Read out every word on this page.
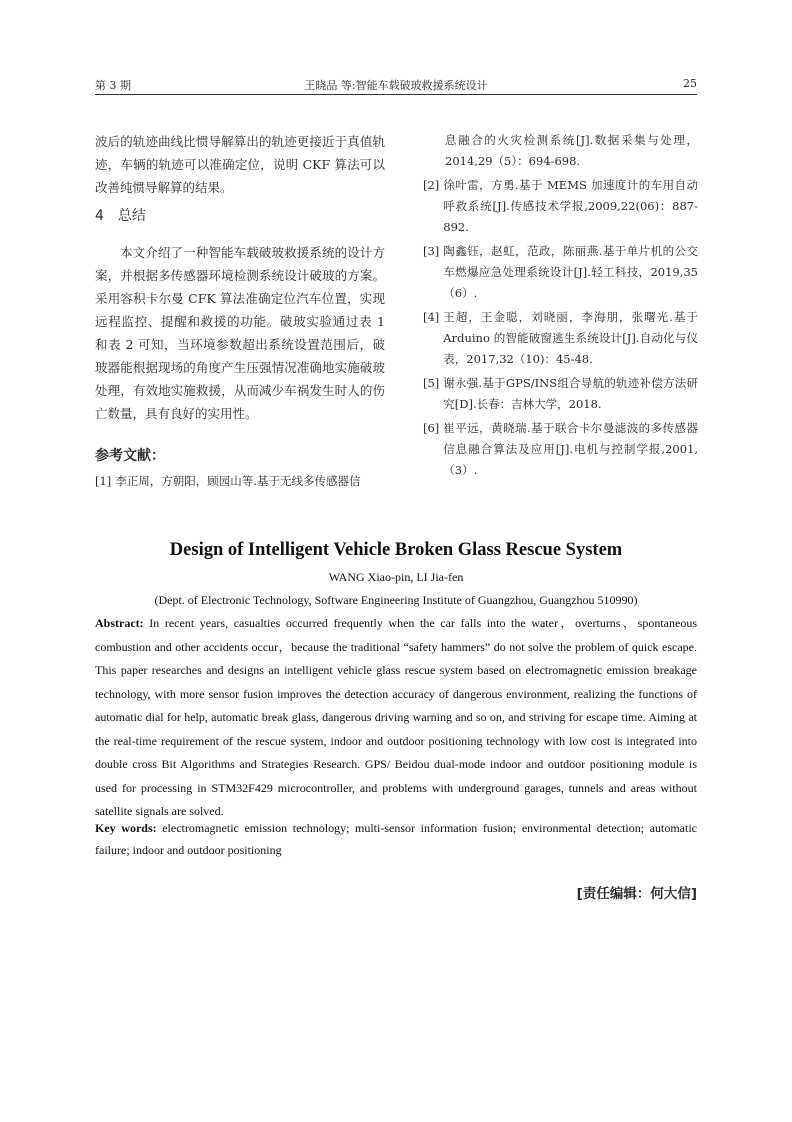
第 3 期	王晓品 等:智能车载破玻救援系统设计	25

波后的轨迹曲线比惯导解算出的轨迹更接近于真值轨迹，车辆的轨迹可以准确定位，说明 CKF 算法可以改善纯惯导解算的结果。

4　总结

本文介绍了一种智能车载破玻救援系统的设计方案，并根据多传感器环境检测系统设计破玻的方案。采用容积卡尔曼 CFK 算法准确定位汽车位置，实现远程监控、提醒和救援的功能。破玻实验通过表 1 和表 2 可知，当环境参数超出系统设置范围后，破玻器能根据现场的角度产生压强情况准确地实施破玻处理，有效地实施救援，从而减少车祸发生时人的伤亡数量，具有良好的实用性。

参考文献：
[1] 李正周，方朝阳，顾园山等.基于无线多传感器信
息融合的火灾检测系统[J].数据采集与处理，2014,29（5）：694-698.
[2] 徐叶雷，方勇.基于 MEMS 加速度计的车用自动呼救系统[J].传感技术学报,2009,22(06)：887-892.
[3] 陶鑫钰，赵虹，范政，陈丽燕.基于单片机的公交车燃爆应急处理系统设计[J].轻工科技，2019,35（6）.
[4] 王超，王金聪，刘晓丽，李海朋，张曙光.基于 Arduino 的智能破窗逃生系统设计[J].自动化与仪表，2017,32（10)：45-48.
[5] 谢永强.基于GPS/INS组合导航的轨迹补偿方法研究[D].长春：吉林大学，2018.
[6] 崔平远，黄晓瑞.基于联合卡尔曼滤波的多传感器信息融合算法及应用[J].电机与控制学报,2001,（3）.
Design of Intelligent Vehicle Broken Glass Rescue System
WANG Xiao-pin, LI Jia-fen
(Dept. of Electronic Technology, Software Engineering Institute of Guangzhou, Guangzhou 510990)
Abstract: In recent years, casualties occurred frequently when the car falls into the water，overturns，spontaneous combustion and other accidents occur，because the traditional “safety hammers” do not solve the problem of quick escape. This paper researches and designs an intelligent vehicle glass rescue system based on electromagnetic emission breakage technology, with more sensor fusion improves the detection accuracy of dangerous environment, realizing the functions of automatic dial for help, automatic break glass, dangerous driving warning and so on, and striving for escape time. Aiming at the real-time requirement of the rescue system, indoor and outdoor positioning technology with low cost is integrated into double cross Bit Algorithms and Strategies Research. GPS/ Beidou dual-mode indoor and outdoor positioning module is used for processing in STM32F429 microcontroller, and problems with underground garages, tunnels and areas without satellite signals are solved.
Key words: electromagnetic emission technology; multi-sensor information fusion; environmental detection; automatic failure; indoor and outdoor positioning
[责任编辑：何大信]
